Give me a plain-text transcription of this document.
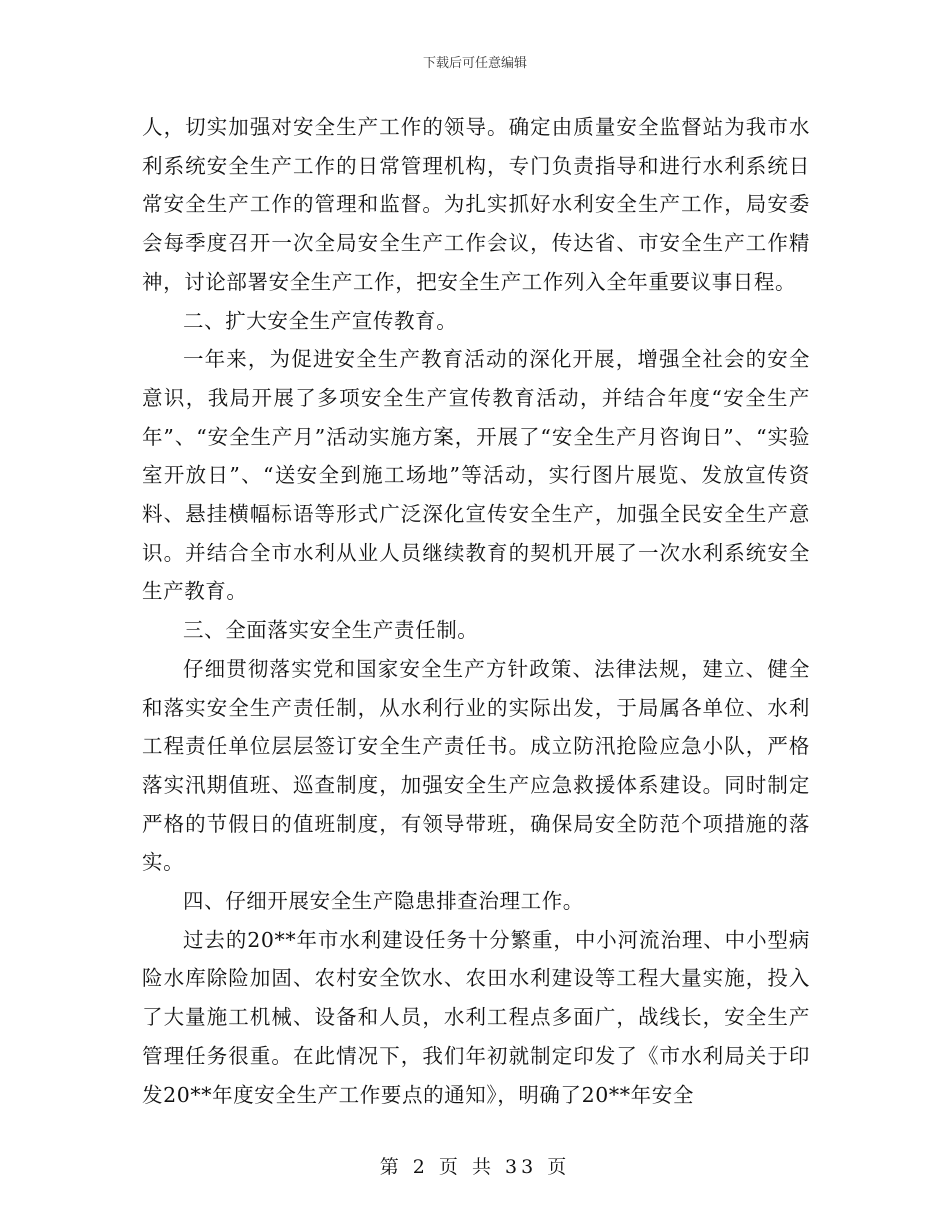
下载后可任意编辑

人，切实加强对安全生产工作的领导。确定由质量安全监督站为我市水利系统安全生产工作的日常管理机构，专门负责指导和进行水利系统日常安全生产工作的管理和监督。为扎实抓好水利安全生产工作，局安委会每季度召开一次全局安全生产工作会议，传达省、市安全生产工作精神，讨论部署安全生产工作，把安全生产工作列入全年重要议事日程。

二、扩大安全生产宣传教育。

一年来，为促进安全生产教育活动的深化开展，增强全社会的安全意识，我局开展了多项安全生产宣传教育活动，并结合年度“安全生产年”、“安全生产月”活动实施方案，开展了“安全生产月咨询日”、“实验室开放日”、“送安全到施工场地”等活动，实行图片展览、发放宣传资料、悬挂横幅标语等形式广泛深化宣传安全生产，加强全民安全生产意识。并结合全市水利从业人员继续教育的契机开展了一次水利系统安全生产教育。

三、全面落实安全生产责任制。

仔细贯彻落实党和国家安全生产方针政策、法律法规，建立、健全和落实安全生产责任制，从水利行业的实际出发，于局属各单位、水利工程责任单位层层签订安全生产责任书。成立防汛抢险应急小队，严格落实汛期值班、巡查制度，加强安全生产应急救援体系建设。同时制定严格的节假日的值班制度，有领导带班，确保局安全防范个项措施的落实。

四、仔细开展安全生产隐患排查治理工作。

过去的20**年市水利建设任务十分繁重，中小河流治理、中小型病险水库除险加固、农村安全饮水、农田水利建设等工程大量实施，投入了大量施工机械、设备和人员，水利工程点多面广，战线长，安全生产管理任务很重。在此情况下，我们年初就制定印发了《市水利局关于印发20**年度安全生产工作要点的通知》，明确了20**年安全

第 2 页 共 33 页
